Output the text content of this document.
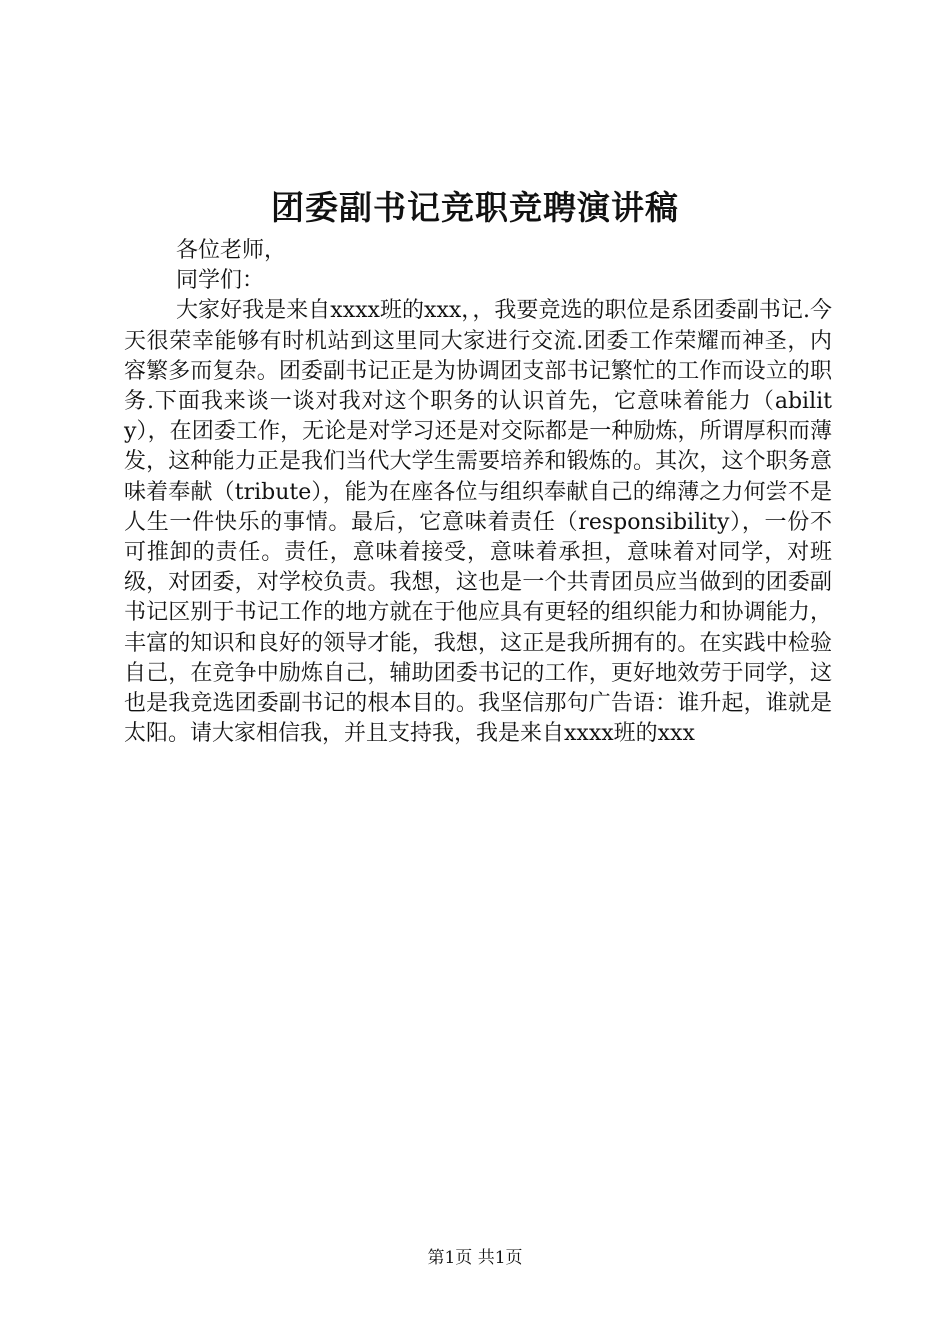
团委副书记竞职竞聘演讲稿

各位老师，

同学们：

大家好我是来自xxxx班的xxx，，我要竞选的职位是系团委副书记.今天很荣幸能够有时机站到这里同大家进行交流.团委工作荣耀而神圣，内容繁多而复杂。团委副书记正是为协调团支部书记繁忙的工作而设立的职务.下面我来谈一谈对我对这个职务的认识首先，它意味着能力（ability），在团委工作，无论是对学习还是对交际都是一种励炼，所谓厚积而薄发，这种能力正是我们当代大学生需要培养和锻炼的。其次，这个职务意味着奉献（tribute），能为在座各位与组织奉献自己的绵薄之力何尝不是人生一件快乐的事情。最后，它意味着责任（responsibility），一份不可推卸的责任。责任，意味着接受，意味着承担，意味着对同学，对班级，对团委，对学校负责。我想，这也是一个共青团员应当做到的团委副书记区别于书记工作的地方就在于他应具有更轻的组织能力和协调能力，丰富的知识和良好的领导才能，我想，这正是我所拥有的。在实践中检验自己，在竞争中励炼自己，辅助团委书记的工作，更好地效劳于同学，这也是我竞选团委副书记的根本目的。我坚信那句广告语：谁升起，谁就是太阳。请大家相信我，并且支持我，我是来自xxxx班的xxx

第1页 共1页
